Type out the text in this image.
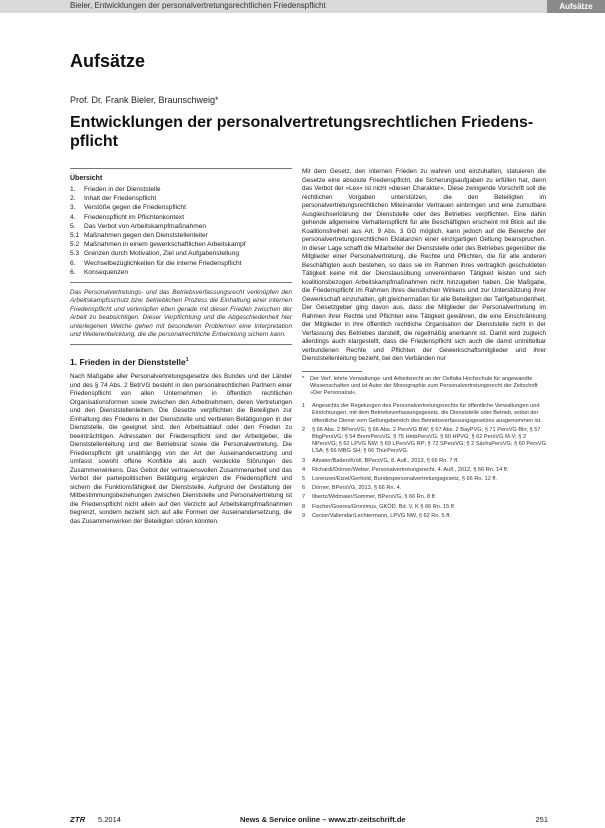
Bieler, Entwicklungen der personalvertretungsrechtlichen Friedenspflicht	Aufsätze
Aufsätze
Prof. Dr. Frank Bieler, Braunschweig*
Entwicklungen der personalvertretungsrechtlichen Friedens-pflicht
Übersicht
1.	Frieden in der Dienststelle
2.	Inhalt der Friedenspflicht
3.	Verstöße gegen die Friedenspflicht
4.	Friedenspflicht im Pflichtenkontext
5.	Das Verbot von Arbeitskampfmaßnahmen
5.1 Maßnahmen gegen den Dienststellenleiter
5.2 Maßnahmen in einem gewerkschaftlichen Arbeitskampf
5.3 Grenzen durch Motivation, Ziel und Aufgabenstellung
6.	Wechselbezüglichkeiten für die interne Friedenspflicht
6.	Konsequenzen
Das Personalvertretungs- und das Betriebsverfassungsrecht verknüpfen den Arbeitskampfsschutz bzw. betrieblichen Prozess die Einhaltung einer internen Friedenspflicht und verknüpfen eben gerade mit dieser Frieden zwischen der Arbeit zu beabsichtigen. Dieser Verpflichtung und die Abgeschiedenheit hier unterlegenen Welche gehen mit besonderen Problemen eine Interpretation und Weiterentwicklung, die die personalrechtliche Entwicklung sichern kann.
1. Frieden in der Dienststelle$^1$
Nach Maßgabe aller Personalvertretungsgesetze des Bundes und der Länder und des § 74 Abs. 2 BetrVG besteht in den personalrechtlichen Partnern einer Friedenspflicht von allen Unternehmen in öffentlich rechtlichen Organisationsformen sowie zwischen den Arbeitnehmern, deren Vertretungen und den Dienststellenleitern. Die Gesetze verpflichten die Beteiligten zur Einhaltung des Friedens in der Dienststelle und verbieten Betätigungen in der Dienststelle, die geeignet sind, den Arbeitsablauf oder den Frieden zu beeinträchtigen. Adressaten der Friedenspflicht sind der Arbeitgeber, die Dienststellenleitung und der Betriebsrat sowie die Personalvertretung. Die Friedenspflicht gilt unabhängig von der Art der Auseinandersetzung und umfasst sowohl offene Konflikte als auch verdeckte Störungen des Zusammenwirkens. Das Gebot der vertrauensvollen Zusammenarbeit und das Verbot der parteipolitischen Betätigung ergänzen die Friedenspflicht und sichern die Funktionsfähigkeit der Dienststelle. Aufgrund der Gestaltung der Mitbestimmungsbeziehungen zwischen Dienststelle und Personalvertretung ist die Friedenspflicht nicht allein auf den Verzicht auf Arbeitskampfmaßnahmen begrenzt, sondern bezieht sich auf alle Formen der Auseinandersetzung, die das Zusammenwirken der Beteiligten stören könnten.
Mit dem Gesetz, den internen Frieden zu wahren und einzuhalten, statuieren die Gesetze eine absolute Friedenspflicht, die Sicherungsaufgaben zu erfüllen hat, denn das Verbot der »Lex« ist nicht »diesen Charakter«. Diese zwingende Vorschrift soll die rechtlichen Vorgaben unterstützen, die den Beteiligten im personalvertretungsrechtlichen Miteinander Vertrauen einbringen und eine zumutbare Ausgleichserklärung der Dienststelle oder des Betriebes verpflichten. Eine dahin gehende allgemeine Verhaltenspflicht für alle Beschäftigten erscheint mit Blick auf die Koalitionsfreiheit aus Art. 9 Abs. 3 GG möglich, kann jedoch auf die Bereiche der personalvertretungsrechtlichen Eklatanzen einer einzigartigen Geltung beanspruchen. In dieser Lage schafft die Mitarbeiter der Dienststelle oder des Betriebes gegenüber die Mitglieder einer Personalvertretung, die Rechte und Pflichten, die für alle anderen Beschäftigten auch bestehen, so dass sie im Rahmen ihres vertraglich geschuldeten Tätigkeit keine mit der Dienstausübung unvereinbaren Tätigkeit leisten und sich koalitionsbezogen Arbeitskampfmaßnahmen nicht hinzugeben haben. Die Maßgabe, die Friedenspflicht im Rahmen ihres dienstlichen Wirkens und zur Unterstützung ihrer Gewerkschaft einzuhalten, gilt gleichermaßen für alle Beteiligten der Tarifgebundenheit. Der Gesetzgeber ging davon aus, dass die Mitglieder der Personalvertretung im Rahmen ihrer Rechte und Pflichten eine Tätigkeit gewähren, die eine Einschränkung der Mitglieder in ihre öffentlich rechtliche Organisation der Dienststelle nicht in der Verfassung des Betriebes darstellt, die regelmäßig anerkannt ist. Damit wird zugleich allerdings auch klargestellt, dass die Friedenspflicht sich auch die damit unmittelbar verbundenen Rechte und Pflichten der Gewerkschaftsmitglieder und ihrer Dienststellenleitung bezieht, bei den Verbänden nur
* Der Verf. lehrte Verwaltungs- und Arbeitsrecht an der Ostfalia Hochschule für angewandte Wissenschaften und ist Autor der Monographie zum Personalvertretungsrecht der Zeitschrift »Der Personalrat«.
1	Angesichts der Regelungen des Personalvertretungsrechts für öffentliche Verwaltungen und Einrichtungen, mit dem Betriebsverfassungsgesetz, die Dienststelle oder Betrieb, wobei der öffentliche Dienst vom Geltungsbereich des Betriebsverfassungsgesetzes ausgenommen ist.
2	§ 66 Abs. 2 BPersVG; § 66 Abs. 2 PersVG BW; § 67 Abs. 2 BayPVG; § 71 PersVG Bln; § 57 BbgPersVG; § 54 BremPersVG; § 75 HmbPersVG; § 60 HPVG; § 62 PersVG M-V; § 2 NPersVG; § 62 LPVG NW; § 69 LPersVG RP; § 72 SPersVG; § 2 SächsPersVG; § 60 PersVG LSA; § 66 MBG SH; § 66 ThürPersVG.
3	Altvater/Baden/Kröll, BPersVG, 8. Aufl., 2013, § 66 Rn. 7 ff.
4	Richardi/Dörner/Weber, Personalvertretungsrecht, 4. Aufl., 2012, § 66 Rn. 14 ff.
5	Lorenzen/Etzel/Gerhold, Bundespersonalvertretungsgesetz, § 66 Rn. 12 ff.
6	Dörner, BPersVG, 2013, § 66 Rn. 4.
7	Ilbertz/Widmaier/Sommer, BPersVG, § 66 Rn. 8 ff.
8	Fischer/Goeres/Gronimus, GKÖD, Bd. V, K § 66 Rn. 15 ff.
9	Cecior/Vallendar/Lechtermann, LPVG NW, § 62 Rn. 5 ff.
ZTR 5.2014	News & Service online – www.ztr-zeitschrift.de	251
